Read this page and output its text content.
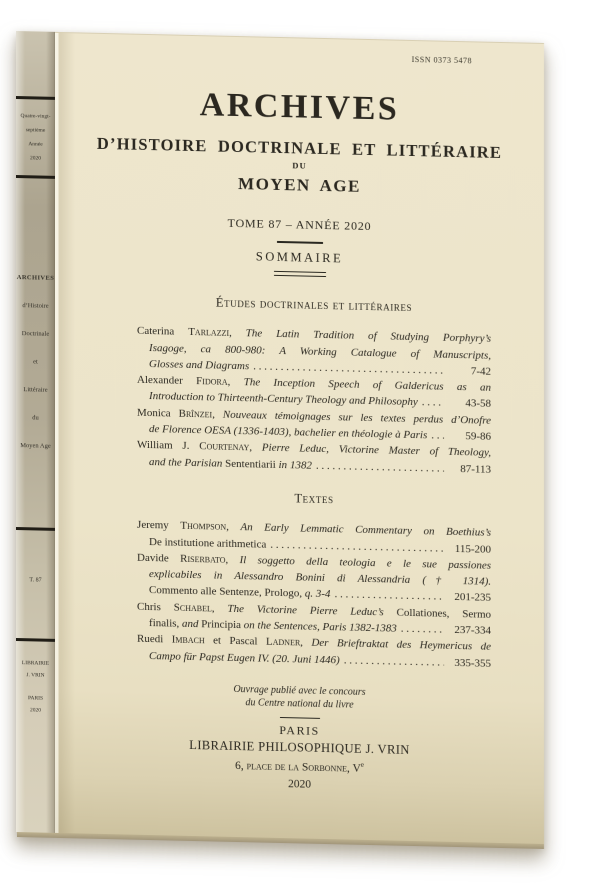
Quatre-vingt-
septième
Année
2020
ARCHIVES
d’Histoire
Doctrinale
et
Littéraire
du
Moyen Age
T. 87
LIBRAIRIE
J. VRIN
PARIS
2020
ISSN 0373 5478
ARCHIVES
D’HISTOIRE DOCTRINALE ET LITTÉRAIRE
DU
MOYEN AGE
TOME 87 – ANNÉE 2020
SOMMAIRE
Études doctrinales et littéraires
Caterina Tarlazzi, The Latin Tradition of Studying Porphyry’s
Isagoge, ca 800-980: A Working Catalogue of Manuscripts,
Glosses and Diagrams . . .	7-42
Alexander Fidora, The Inception Speech of Galdericus as an
Introduction to Thirteenth-Century Theology and Philosophy . . .	43-58
Monica Brînzei, Nouveaux témoignages sur les textes perdus d’Onofre
de Florence OESA (1336-1403), bachelier en théologie à Paris . . .	59-86
William J. Courtenay, Pierre Leduc, Victorine Master of Theology,
and the Parisian Sententiarii in 1382 . . .	87-113
Textes
Jeremy Thompson, An Early Lemmatic Commentary on Boethius’s
De institutione arithmetica . . .	115-200
Davide Riserbato, Il soggetto della teologia e le sue passiones
explicabiles in Alessandro Bonini di Alessandria († 1314).
Commento alle Sentenze, Prologo, q. 3-4 . . .	201-235
Chris Schabel, The Victorine Pierre Leduc’s Collationes, Sermo
finalis, and Principia on the Sentences, Paris 1382-1383 . . .	237-334
Ruedi Imbach et Pascal Ladner, Der Brieftraktat des Heymericus de
Campo für Papst Eugen IV. (20. Juni 1446) . . .	335-355
Ouvrage publié avec le concours
du Centre national du livre
PARIS
LIBRAIRIE PHILOSOPHIQUE J. VRIN
6, place de la Sorbonne, Ve
2020
